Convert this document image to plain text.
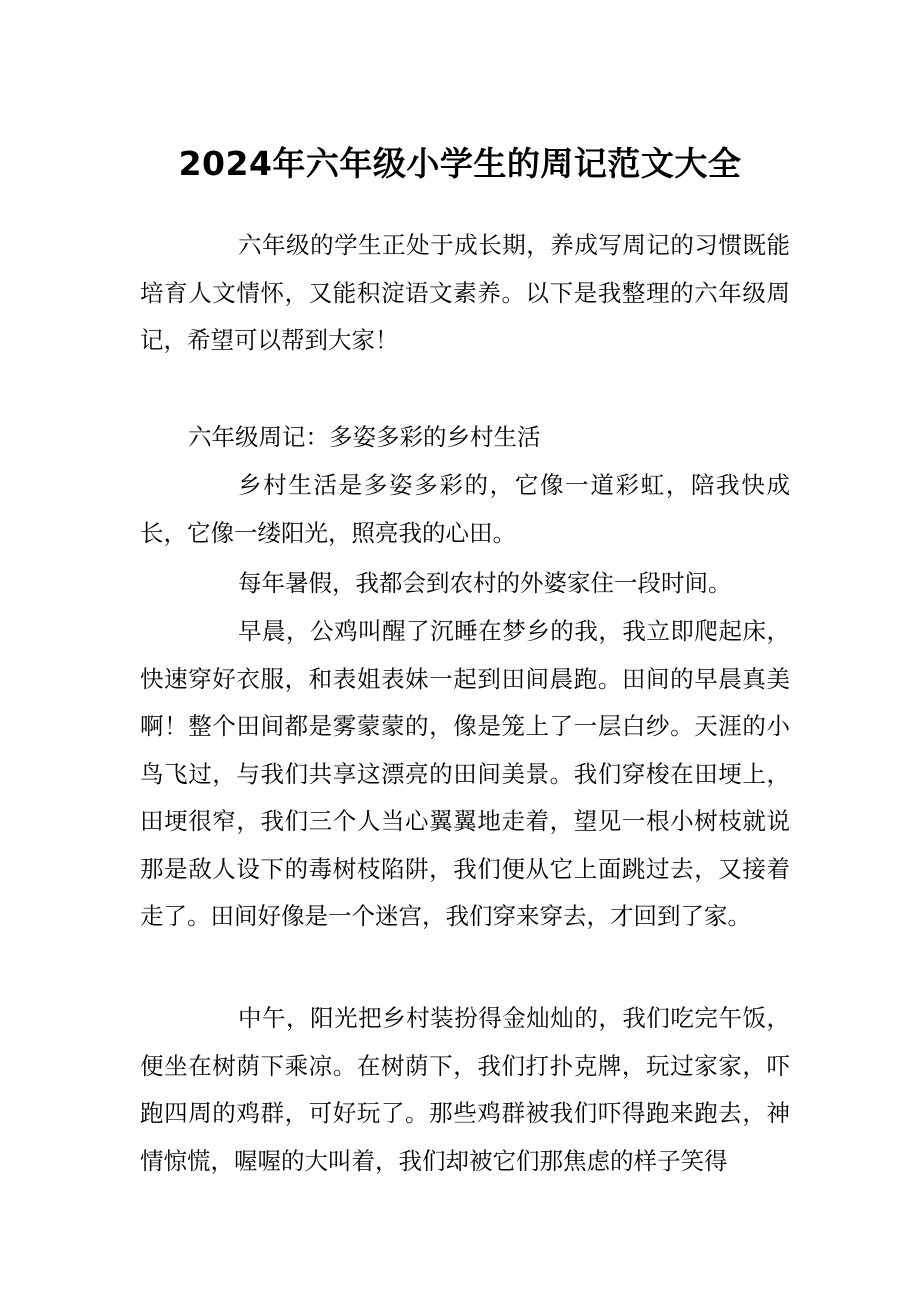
2024年六年级小学生的周记范文大全

六年级的学生正处于成长期，养成写周记的习惯既能培育人文情怀，又能积淀语文素养。以下是我整理的六年级周记，希望可以帮到大家！

六年级周记：多姿多彩的乡村生活

乡村生活是多姿多彩的，它像一道彩虹，陪我快成长，它像一缕阳光，照亮我的心田。

每年暑假，我都会到农村的外婆家住一段时间。

早晨，公鸡叫醒了沉睡在梦乡的我，我立即爬起床，快速穿好衣服，和表姐表妹一起到田间晨跑。田间的早晨真美啊！整个田间都是雾蒙蒙的，像是笼上了一层白纱。天涯的小鸟飞过，与我们共享这漂亮的田间美景。我们穿梭在田埂上，田埂很窄，我们三个人当心翼翼地走着，望见一根小树枝就说那是敌人设下的毒树枝陷阱，我们便从它上面跳过去，又接着走了。田间好像是一个迷宫，我们穿来穿去，才回到了家。

中午，阳光把乡村装扮得金灿灿的，我们吃完午饭，便坐在树荫下乘凉。在树荫下，我们打扑克牌，玩过家家，吓跑四周的鸡群，可好玩了。那些鸡群被我们吓得跑来跑去，神情惊慌，喔喔的大叫着，我们却被它们那焦虑的样子笑得
